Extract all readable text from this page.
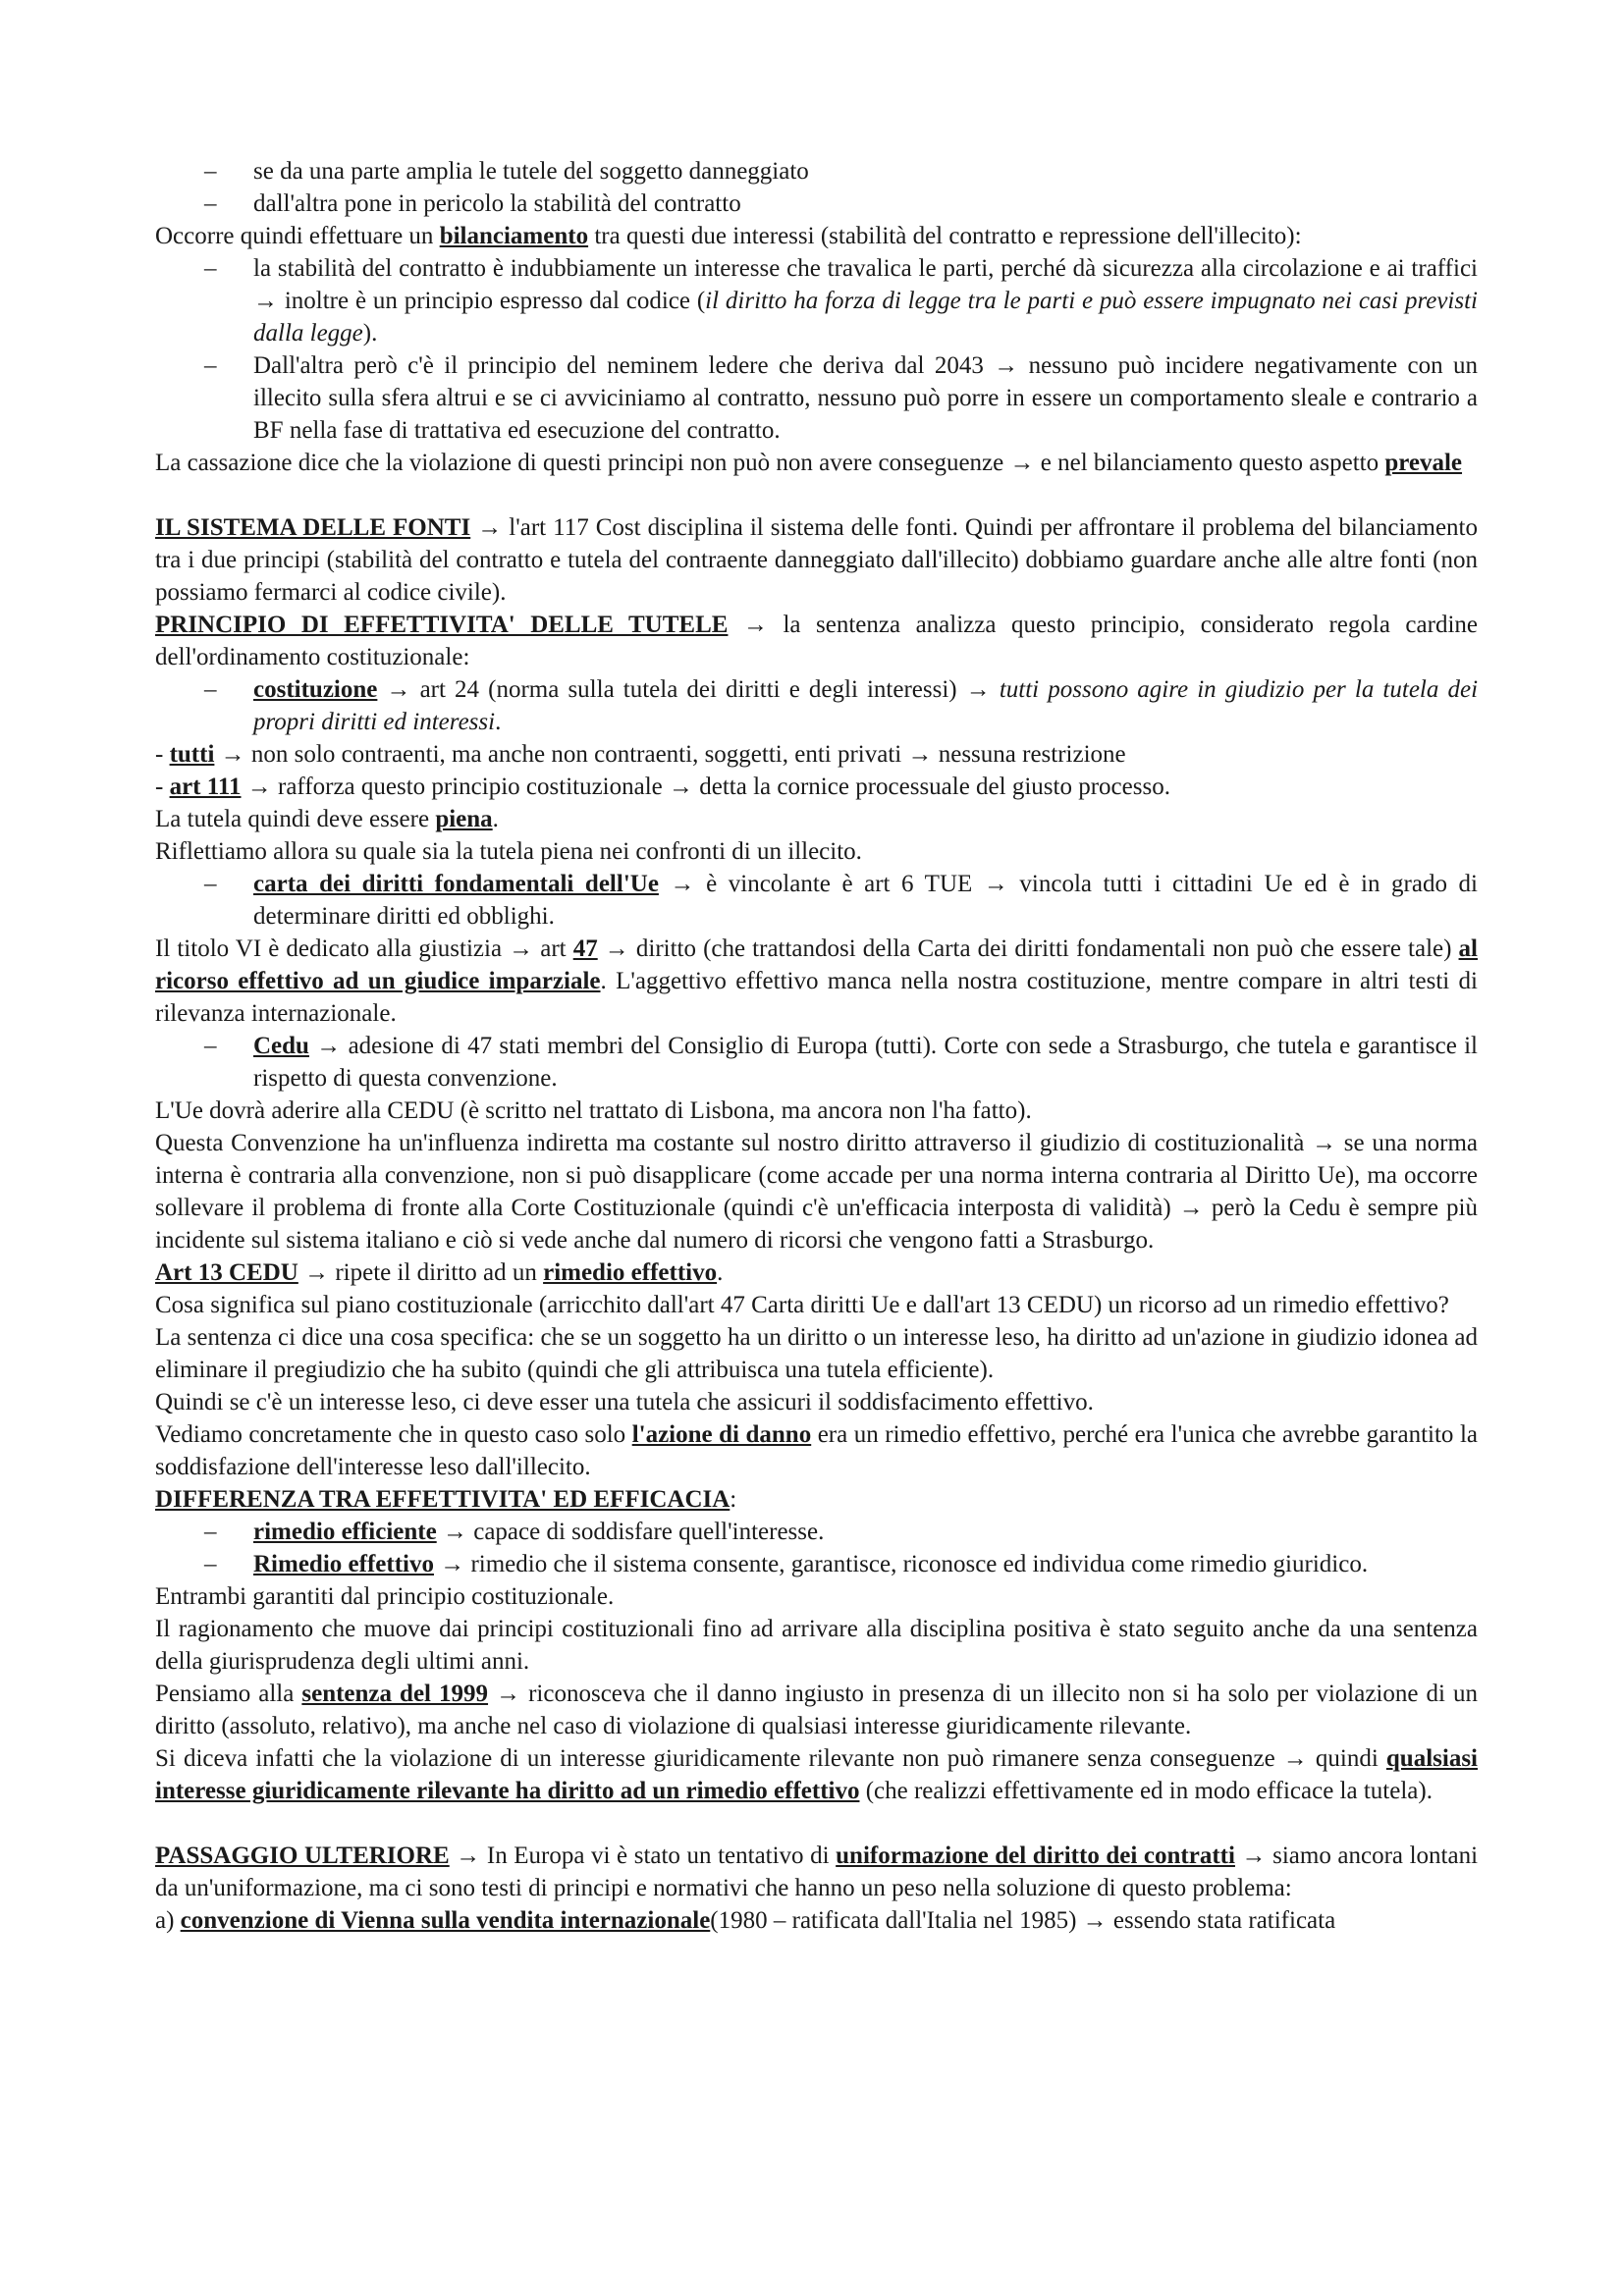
– se da una parte amplia le tutele del soggetto danneggiato

– dall'altra pone in pericolo la stabilità del contratto

Occorre quindi effettuare un bilanciamento tra questi due interessi (stabilità del contratto e repressione dell'illecito):

– la stabilità del contratto è indubbiamente un interesse che travalica le parti, perché dà sicurezza alla circolazione e ai traffici → inoltre è un principio espresso dal codice (il diritto ha forza di legge tra le parti e può essere impugnato nei casi previsti dalla legge).

– Dall'altra però c'è il principio del neminem ledere che deriva dal 2043 → nessuno può incidere negativamente con un illecito sulla sfera altrui e se ci avviciniamo al contratto, nessuno può porre in essere un comportamento sleale e contrario a BF nella fase di trattativa ed esecuzione del contratto.

La cassazione dice che la violazione di questi principi non può non avere conseguenze → e nel bilanciamento questo aspetto prevale

IL SISTEMA DELLE FONTI → l'art 117 Cost disciplina il sistema delle fonti. Quindi per affrontare il problema del bilanciamento tra i due principi (stabilità del contratto e tutela del contraente danneggiato dall'illecito) dobbiamo guardare anche alle altre fonti (non possiamo fermarci al codice civile).

PRINCIPIO DI EFFETTIVITA' DELLE TUTELE → la sentenza analizza questo principio, considerato regola cardine dell'ordinamento costituzionale:

– costituzione → art 24 (norma sulla tutela dei diritti e degli interessi) → tutti possono agire in giudizio per la tutela dei propri diritti ed interessi.

- tutti → non solo contraenti, ma anche non contraenti, soggetti, enti privati → nessuna restrizione

- art 111 → rafforza questo principio costituzionale → detta la cornice processuale del giusto processo.

La tutela quindi deve essere piena.

Riflettiamo allora su quale sia la tutela piena nei confronti di un illecito.

– carta dei diritti fondamentali dell'Ue → è vincolante è art 6 TUE → vincola tutti i cittadini Ue ed è in grado di determinare diritti ed obblighi.

Il titolo VI è dedicato alla giustizia → art 47 → diritto (che trattandosi della Carta dei diritti fondamentali non può che essere tale) al ricorso effettivo ad un giudice imparziale. L'aggettivo effettivo manca nella nostra costituzione, mentre compare in altri testi di rilevanza internazionale.

– Cedu → adesione di 47 stati membri del Consiglio di Europa (tutti). Corte con sede a Strasburgo, che tutela e garantisce il rispetto di questa convenzione.

L'Ue dovrà aderire alla CEDU (è scritto nel trattato di Lisbona, ma ancora non l'ha fatto).

Questa Convenzione ha un'influenza indiretta ma costante sul nostro diritto attraverso il giudizio di costituzionalità → se una norma interna è contraria alla convenzione, non si può disapplicare (come accade per una norma interna contraria al Diritto Ue), ma occorre sollevare il problema di fronte alla Corte Costituzionale (quindi c'è un'efficacia interposta di validità) → però la Cedu è sempre più incidente sul sistema italiano e ciò si vede anche dal numero di ricorsi che vengono fatti a Strasburgo.

Art 13 CEDU → ripete il diritto ad un rimedio effettivo.

Cosa significa sul piano costituzionale (arricchito dall'art 47 Carta diritti Ue e dall'art 13 CEDU) un ricorso ad un rimedio effettivo?

La sentenza ci dice una cosa specifica: che se un soggetto ha un diritto o un interesse leso, ha diritto ad un'azione in giudizio idonea ad eliminare il pregiudizio che ha subito (quindi che gli attribuisca una tutela efficiente).

Quindi se c'è un interesse leso, ci deve esser una tutela che assicuri il soddisfacimento effettivo.

Vediamo concretamente che in questo caso solo l'azione di danno era un rimedio effettivo, perché era l'unica che avrebbe garantito la soddisfazione dell'interesse leso dall'illecito.

DIFFERENZA TRA EFFETTIVITA' ED EFFICACIA:

– rimedio efficiente → capace di soddisfare quell'interesse.

– Rimedio effettivo → rimedio che il sistema consente, garantisce, riconosce ed individua come rimedio giuridico.

Entrambi garantiti dal principio costituzionale.

Il ragionamento che muove dai principi costituzionali fino ad arrivare alla disciplina positiva è stato seguito anche da una sentenza della giurisprudenza degli ultimi anni.

Pensiamo alla sentenza del 1999 → riconosceva che il danno ingiusto in presenza di un illecito non si ha solo per violazione di un diritto (assoluto, relativo), ma anche nel caso di violazione di qualsiasi interesse giuridicamente rilevante.

Si diceva infatti che la violazione di un interesse giuridicamente rilevante non può rimanere senza conseguenze → quindi qualsiasi interesse giuridicamente rilevante ha diritto ad un rimedio effettivo (che realizzi effettivamente ed in modo efficace la tutela).

PASSAGGIO ULTERIORE → In Europa vi è stato un tentativo di uniformazione del diritto dei contratti → siamo ancora lontani da un'uniformazione, ma ci sono testi di principi e normativi che hanno un peso nella soluzione di questo problema:

a) convenzione di Vienna sulla vendita internazionale(1980 – ratificata dall'Italia nel 1985) → essendo stata ratificata
